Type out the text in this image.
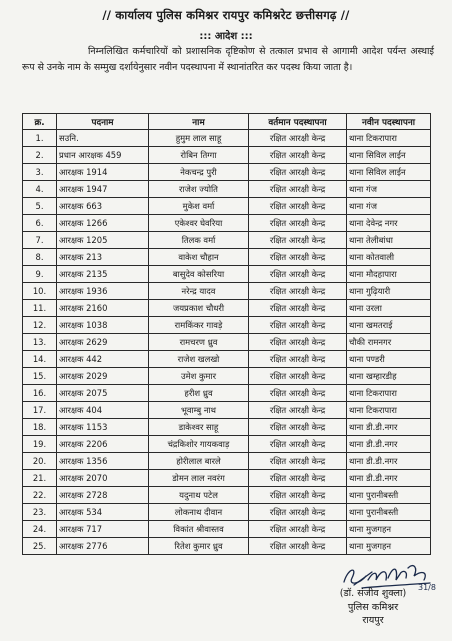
// कार्यालय पुलिस कमिश्नर रायपुर कमिश्नरेट छत्तीसगढ़ //
::: आदेश :::
निम्नलिखित कर्मचारियों को प्रशासनिक दृष्टिकोण से तत्काल प्रभाव से आगामी आदेश पर्यन्त अस्थाई रूप से उनके नाम के सम्मुख दर्शायेनुसार नवीन पदस्थापना में स्थानांतरित कर पदस्थ किया जाता है।
क्र.	पदनाम	नाम	वर्तमान पदस्थापना	नवीन पदस्थापना
1.	सउनि.	हुमुम लाल साहू	रक्षित आरक्षी केन्द्र	थाना टिकरापारा
2.	प्रधान आरक्षक 459	रोबिन तिग्गा	रक्षित आरक्षी केन्द्र	थाना सिविल लाईन
3.	आरक्षक 1914	नेकचन्द्र पुरी	रक्षित आरक्षी केन्द्र	थाना सिविल लाईन
4.	आरक्षक 1947	राजेश ज्योति	रक्षित आरक्षी केन्द्र	थाना गंज
5.	आरक्षक 663	मुकेश वर्मा	रक्षित आरक्षी केन्द्र	थाना गंज
6.	आरक्षक 1266	एकेश्वर घेवरिया	रक्षित आरक्षी केन्द्र	थाना देवेन्द्र नगर
7.	आरक्षक 1205	तिलक वर्मा	रक्षित आरक्षी केन्द्र	थाना तेलीबांधा
8.	आरक्षक 213	वाकेश चौहान	रक्षित आरक्षी केन्द्र	थाना कोतवाली
9.	आरक्षक 2135	बासुदेव कोसरिया	रक्षित आरक्षी केन्द्र	थाना मौदहापारा
10.	आरक्षक 1936	नरेन्द्र यादव	रक्षित आरक्षी केन्द्र	थाना गुढ़ियारी
11.	आरक्षक 2160	जयप्रकाश चौधरी	रक्षित आरक्षी केन्द्र	थाना उरला
12.	आरक्षक 1038	रामकिंकर गावड़े	रक्षित आरक्षी केन्द्र	थाना खमतराई
13.	आरक्षक 2629	रामचरण ध्रुव	रक्षित आरक्षी केन्द्र	चौकी रामनगर
14.	आरक्षक 442	राजेश खलखो	रक्षित आरक्षी केन्द्र	थाना पण्डरी
15.	आरक्षक 2029	उमेश कुमार	रक्षित आरक्षी केन्द्र	थाना खम्हारडीह
16.	आरक्षक 2075	हरीश ध्रुव	रक्षित आरक्षी केन्द्र	थाना टिकरापारा
17.	आरक्षक 404	भूवाम्बु नाथ	रक्षित आरक्षी केन्द्र	थाना टिकरापारा
18.	आरक्षक 1153	डाकेश्वर साहू	रक्षित आरक्षी केन्द्र	थाना डी.डी.नगर
19.	आरक्षक 2206	चंद्रकिशोर गायकवाड़	रक्षित आरक्षी केन्द्र	थाना डी.डी.नगर
20.	आरक्षक 1356	होरीलाल बारले	रक्षित आरक्षी केन्द्र	थाना डी.डी.नगर
21.	आरक्षक 2070	डोमन लाल नवरंग	रक्षित आरक्षी केन्द्र	थाना डी.डी.नगर
22.	आरक्षक 2728	यदुनाथ पटेल	रक्षित आरक्षी केन्द्र	थाना पुरानीबस्ती
23.	आरक्षक 534	लोकनाथ दीवान	रक्षित आरक्षी केन्द्र	थाना पुरानीबस्ती
24.	आरक्षक 717	विकांत श्रीवास्तव	रक्षित आरक्षी केन्द्र	थाना मुजगहन
25.	आरक्षक 2776	रितेश कुमार ध्रुव	रक्षित आरक्षी केन्द्र	थाना मुजगहन
31/8
(डॉ. संजीव शुक्ला)
पुलिस कमिश्नर
रायपुर
